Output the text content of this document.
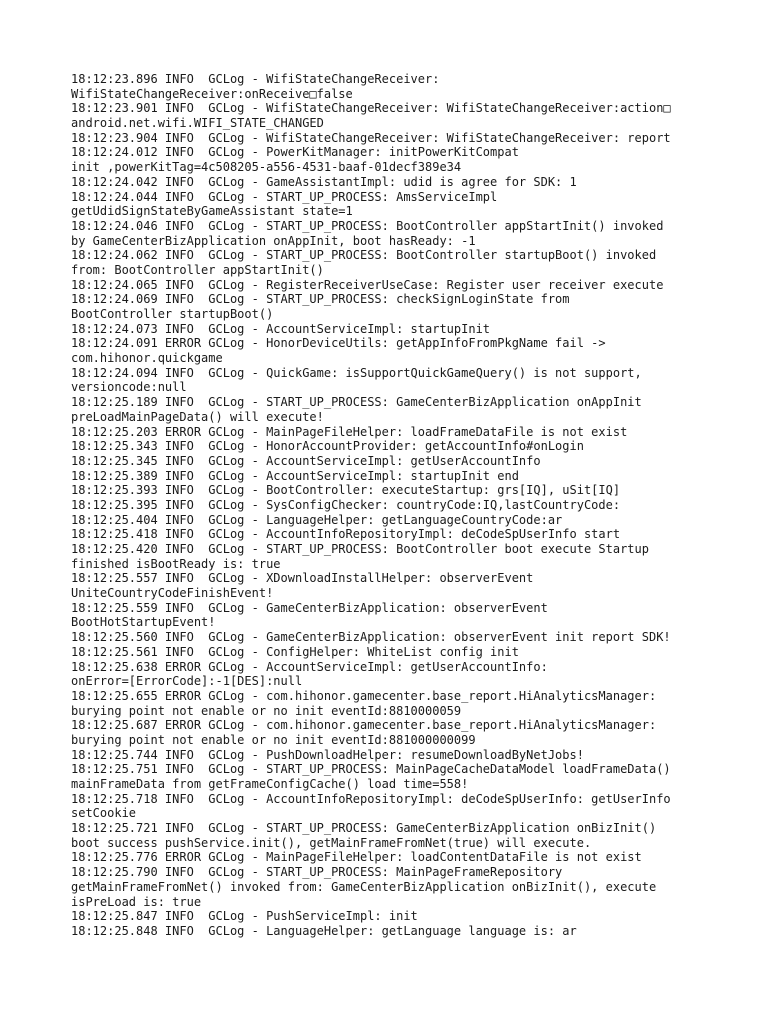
18:12:23.896 INFO  GCLog - WifiStateChangeReceiver:
WifiStateChangeReceiver:onReceive□false
18:12:23.901 INFO  GCLog - WifiStateChangeReceiver: WifiStateChangeReceiver:action□
android.net.wifi.WIFI_STATE_CHANGED
18:12:23.904 INFO  GCLog - WifiStateChangeReceiver: WifiStateChangeReceiver: report
18:12:24.012 INFO  GCLog - PowerKitManager: initPowerKitCompat
init ,powerKitTag=4c508205-a556-4531-baaf-01decf389e34
18:12:24.042 INFO  GCLog - GameAssistantImpl: udid is agree for SDK: 1
18:12:24.044 INFO  GCLog - START_UP_PROCESS: AmsServiceImpl
getUdidSignStateByGameAssistant state=1
18:12:24.046 INFO  GCLog - START_UP_PROCESS: BootController appStartInit() invoked
by GameCenterBizApplication onAppInit, boot hasReady: -1
18:12:24.062 INFO  GCLog - START_UP_PROCESS: BootController startupBoot() invoked
from: BootController appStartInit()
18:12:24.065 INFO  GCLog - RegisterReceiverUseCase: Register user receiver execute
18:12:24.069 INFO  GCLog - START_UP_PROCESS: checkSignLoginState from
BootController startupBoot()
18:12:24.073 INFO  GCLog - AccountServiceImpl: startupInit
18:12:24.091 ERROR GCLog - HonorDeviceUtils: getAppInfoFromPkgName fail ->
com.hihonor.quickgame
18:12:24.094 INFO  GCLog - QuickGame: isSupportQuickGameQuery() is not support,
versioncode:null
18:12:25.189 INFO  GCLog - START_UP_PROCESS: GameCenterBizApplication onAppInit
preLoadMainPageData() will execute!
18:12:25.203 ERROR GCLog - MainPageFileHelper: loadFrameDataFile is not exist
18:12:25.343 INFO  GCLog - HonorAccountProvider: getAccountInfo#onLogin
18:12:25.345 INFO  GCLog - AccountServiceImpl: getUserAccountInfo
18:12:25.389 INFO  GCLog - AccountServiceImpl: startupInit end
18:12:25.393 INFO  GCLog - BootController: executeStartup: grs[IQ], uSit[IQ]
18:12:25.395 INFO  GCLog - SysConfigChecker: countryCode:IQ,lastCountryCode:
18:12:25.404 INFO  GCLog - LanguageHelper: getLanguageCountryCode:ar
18:12:25.418 INFO  GCLog - AccountInfoRepositoryImpl: deCodeSpUserInfo start
18:12:25.420 INFO  GCLog - START_UP_PROCESS: BootController boot execute Startup
finished isBootReady is: true
18:12:25.557 INFO  GCLog - XDownloadInstallHelper: observerEvent
UniteCountryCodeFinishEvent!
18:12:25.559 INFO  GCLog - GameCenterBizApplication: observerEvent
BootHotStartupEvent!
18:12:25.560 INFO  GCLog - GameCenterBizApplication: observerEvent init report SDK!
18:12:25.561 INFO  GCLog - ConfigHelper: WhiteList config init
18:12:25.638 ERROR GCLog - AccountServiceImpl: getUserAccountInfo:
onError=[ErrorCode]:-1[DES]:null
18:12:25.655 ERROR GCLog - com.hihonor.gamecenter.base_report.HiAnalyticsManager:
burying point not enable or no init eventId:8810000059
18:12:25.687 ERROR GCLog - com.hihonor.gamecenter.base_report.HiAnalyticsManager:
burying point not enable or no init eventId:881000000099
18:12:25.744 INFO  GCLog - PushDownloadHelper: resumeDownloadByNetJobs!
18:12:25.751 INFO  GCLog - START_UP_PROCESS: MainPageCacheDataModel loadFrameData()
mainFrameData from getFrameConfigCache() load time=558!
18:12:25.718 INFO  GCLog - AccountInfoRepositoryImpl: deCodeSpUserInfo: getUserInfo
setCookie
18:12:25.721 INFO  GCLog - START_UP_PROCESS: GameCenterBizApplication onBizInit()
boot success pushService.init(), getMainFrameFromNet(true) will execute.
18:12:25.776 ERROR GCLog - MainPageFileHelper: loadContentDataFile is not exist
18:12:25.790 INFO  GCLog - START_UP_PROCESS: MainPageFrameRepository
getMainFrameFromNet() invoked from: GameCenterBizApplication onBizInit(), execute
isPreLoad is: true
18:12:25.847 INFO  GCLog - PushServiceImpl: init
18:12:25.848 INFO  GCLog - LanguageHelper: getLanguage language is: ar
